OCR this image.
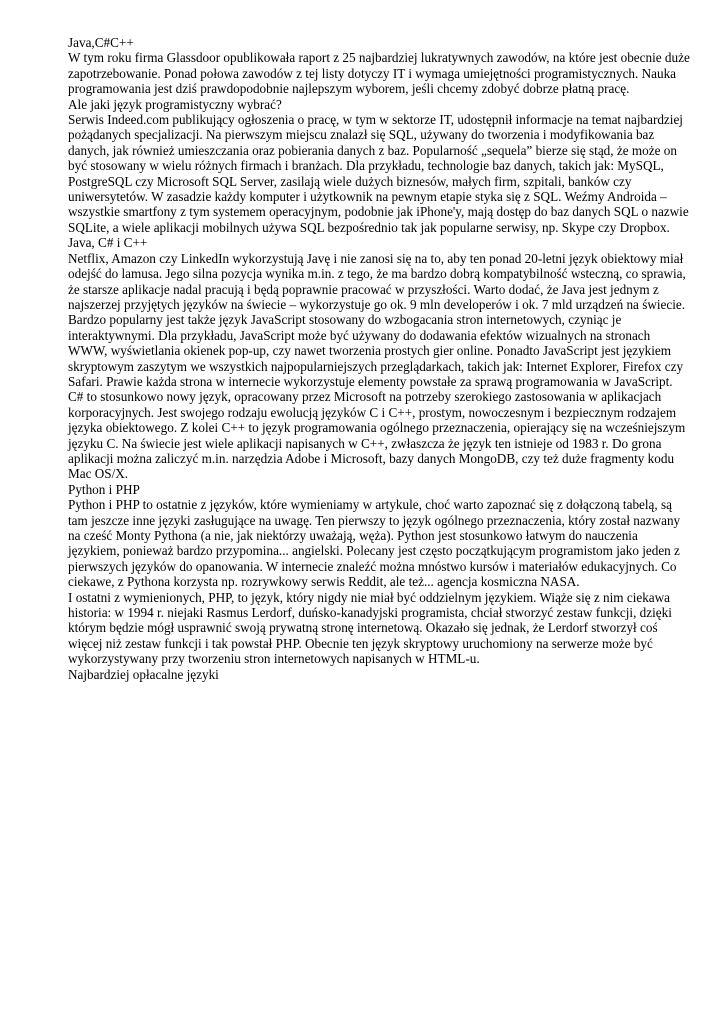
Java,C#C++

W tym roku firma Glassdoor opublikowała raport z 25 najbardziej lukratywnych zawodów, na które jest obecnie duże zapotrzebowanie. Ponad połowa zawodów z tej listy dotyczy IT i wymaga umiejętności programistycznych. Nauka programowania jest dziś prawdopodobnie najlepszym wyborem, jeśli chcemy zdobyć dobrze płatną pracę.

Ale jaki język programistyczny wybrać?

Serwis Indeed.com publikujący ogłoszenia o pracę, w tym w sektorze IT, udostępnił informacje na temat najbardziej pożądanych specjalizacji. Na pierwszym miejscu znalazł się SQL, używany do tworzenia i modyfikowania baz danych, jak również umieszczania oraz pobierania danych z baz. Popularność „sequela” bierze się stąd, że może on być stosowany w wielu różnych firmach i branżach. Dla przykładu, technologie baz danych, takich jak: MySQL, PostgreSQL czy Microsoft SQL Server, zasilają wiele dużych biznesów, małych firm, szpitali, banków czy uniwersytetów. W zasadzie każdy komputer i użytkownik na pewnym etapie styka się z SQL. Weźmy Androida – wszystkie smartfony z tym systemem operacyjnym, podobnie jak iPhone'y, mają dostęp do baz danych SQL o nazwie SQLite, a wiele aplikacji mobilnych używa SQL bezpośrednio tak jak popularne serwisy, np. Skype czy Dropbox.

Java, C# i C++

Netflix, Amazon czy LinkedIn wykorzystują Javę i nie zanosi się na to, aby ten ponad 20-letni język obiektowy miał odejść do lamusa. Jego silna pozycja wynika m.in. z tego, że ma bardzo dobrą kompatybilność wsteczną, co sprawia, że starsze aplikacje nadal pracują i będą poprawnie pracować w przyszłości. Warto dodać, że Java jest jednym z najszerzej przyjętych języków na świecie – wykorzystuje go ok. 9 mln developerów i ok. 7 mld urządzeń na świecie.

Bardzo popularny jest także język JavaScript stosowany do wzbogacania stron internetowych, czyniąc je interaktywnymi. Dla przykładu, JavaScript może być używany do dodawania efektów wizualnych na stronach WWW, wyświetlania okienek pop-up, czy nawet tworzenia prostych gier online. Ponadto JavaScript jest językiem skryptowym zaszytym we wszystkich najpopularniejszych przeglądarkach, takich jak: Internet Explorer, Firefox czy Safari. Prawie każda strona w internecie wykorzystuje elementy powstałe za sprawą programowania w JavaScript.

C# to stosunkowo nowy język, opracowany przez Microsoft na potrzeby szerokiego zastosowania w aplikacjach korporacyjnych. Jest swojego rodzaju ewolucją języków C i C++, prostym, nowoczesnym i bezpiecznym rodzajem języka obiektowego. Z kolei C++ to język programowania ogólnego przeznaczenia, opierający się na wcześniejszym języku C. Na świecie jest wiele aplikacji napisanych w C++, zwłaszcza że język ten istnieje od 1983 r. Do grona aplikacji można zaliczyć m.in. narzędzia Adobe i Microsoft, bazy danych MongoDB, czy też duże fragmenty kodu Mac OS/X.

Python i PHP

Python i PHP to ostatnie z języków, które wymieniamy w artykule, choć warto zapoznać się z dołączoną tabelą, są tam jeszcze inne języki zasługujące na uwagę. Ten pierwszy to język ogólnego przeznaczenia, który został nazwany na cześć Monty Pythona (a nie, jak niektórzy uważają, węża). Python jest stosunkowo łatwym do nauczenia językiem, ponieważ bardzo przypomina... angielski. Polecany jest często początkującym programistom jako jeden z pierwszych języków do opanowania. W internecie znaleźć można mnóstwo kursów i materiałów edukacyjnych. Co ciekawe, z Pythona korzysta np. rozrywkowy serwis Reddit, ale też... agencja kosmiczna NASA.

I ostatni z wymienionych, PHP, to język, który nigdy nie miał być oddzielnym językiem. Wiąże się z nim ciekawa historia: w 1994 r. niejaki Rasmus Lerdorf, duńsko-kanadyjski programista, chciał stworzyć zestaw funkcji, dzięki którym będzie mógł usprawnić swoją prywatną stronę internetową. Okazało się jednak, że Lerdorf stworzył coś więcej niż zestaw funkcji i tak powstał PHP. Obecnie ten język skryptowy uruchomiony na serwerze może być wykorzystywany przy tworzeniu stron internetowych napisanych w HTML-u.

Najbardziej opłacalne języki
